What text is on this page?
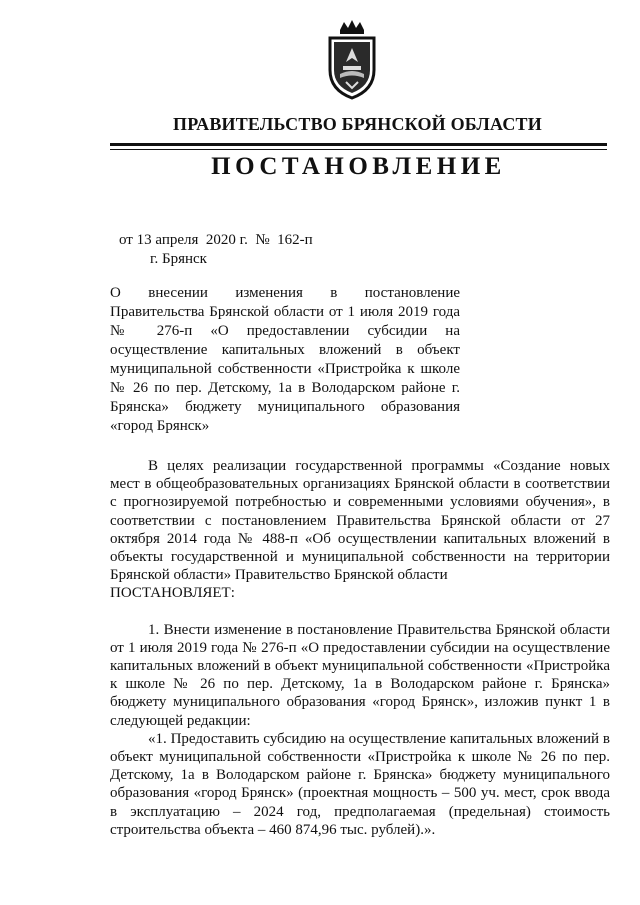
ПРАВИТЕЛЬСТВО БРЯНСКОЙ ОБЛАСТИ
ПОСТАНОВЛЕНИЕ
от 13 апреля  2020 г.  №  162-п
г. Брянск
О внесении изменения в постановление Правительства Брянской области от 1 июля 2019 года № 276-п «О предоставлении субсидии на осуществление капитальных вложений в объект муниципальной собственности «Пристройка к школе № 26 по пер. Детскому, 1а в Володарском районе г. Брянска» бюджету муниципального образования «город Брянск»

В целях реализации государственной программы «Создание новых мест в общеобразовательных организациях Брянской области в соответствии с прогнозируемой потребностью и современными условиями обучения», в соответствии с постановлением Правительства Брянской области от 27 октября 2014 года № 488-п «Об осуществлении капитальных вложений в объекты государственной и муниципальной собственности на территории Брянской области» Правительство Брянской области

ПОСТАНОВЛЯЕТ:

1. Внести изменение в постановление Правительства Брянской области от 1 июля 2019 года № 276-п «О предоставлении субсидии на осуществление капитальных вложений в объект муниципальной собственности «Пристройка к школе № 26 по пер. Детскому, 1а в Володарском районе г. Брянска» бюджету муниципального образования «город Брянск», изложив пункт 1 в следующей редакции:

«1. Предоставить субсидию на осуществление капитальных вложений в объект муниципальной собственности «Пристройка к школе № 26 по пер. Детскому, 1а в Володарском районе г. Брянска» бюджету муниципального образования «город Брянск» (проектная мощность – 500 уч. мест, срок ввода в эксплуатацию – 2024 год, предполагаемая (предельная) стоимость строительства объекта – 460 874,96 тыс. рублей).».
